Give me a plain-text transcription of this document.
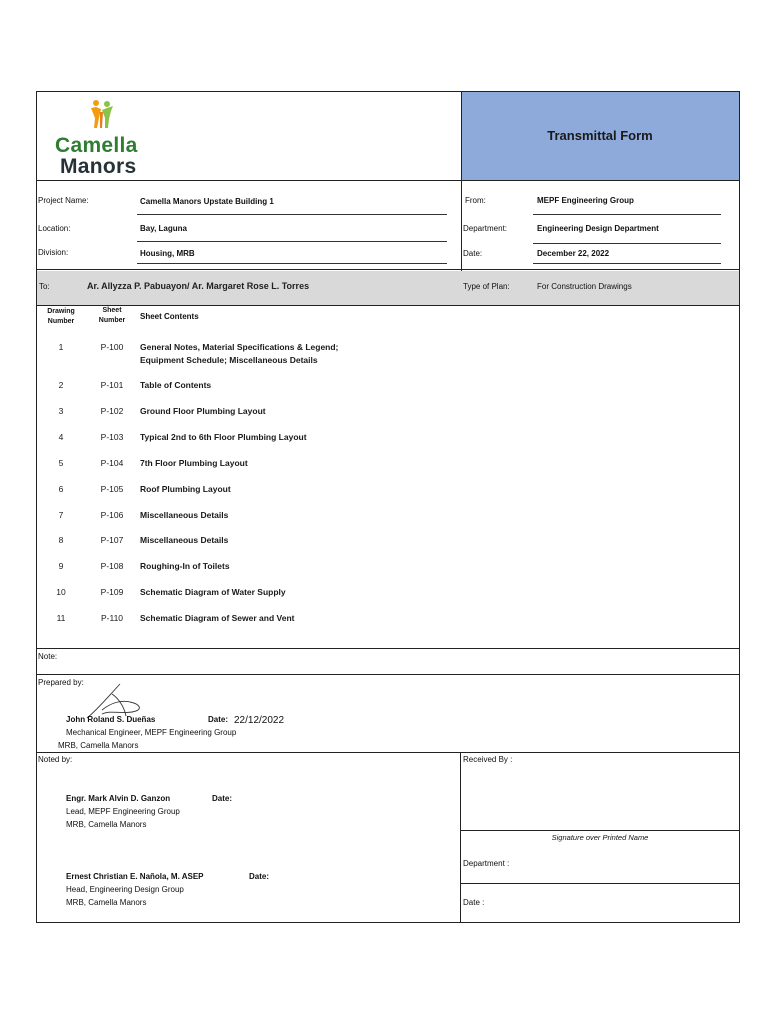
Camella
Manors
Transmittal Form
Project Name:	Camella Manors Upstate Building 1
Location:	Bay, Laguna
Division:	Housing, MRB
From:	MEPF Engineering Group
Department:	Engineering Design Department
Date:	December 22, 2022
To:	Ar. Allyzza P. Pabuayon/ Ar. Margaret Rose L. Torres	Type of Plan:	For Construction Drawings
Drawing
Number
Sheet
Number	Sheet Contents
1	P-100	General Notes, Material Specifications & Legend;
Equipment Schedule; Miscellaneous Details
2	P-101	Table of Contents
3	P-102	Ground Floor Plumbing Layout
4	P-103	Typical 2nd to 6th Floor Plumbing Layout
5	P-104	7th Floor Plumbing Layout
6	P-105	Roof Plumbing Layout
7	P-106	Miscellaneous Details
8	P-107	Miscellaneous Details
9	P-108	Roughing-In of Toilets
10	P-109	Schematic Diagram of Water Supply
11	P-110	Schematic Diagram of Sewer and Vent
Note:
Prepared by:
John Roland S. Dueñas	Date: 22/12/2022
Mechanical Engineer, MEPF Engineering Group
MRB, Camella Manors
Noted by:
Engr. Mark Alvin D. Ganzon	Date:
Lead, MEPF Engineering Group
MRB, Camella Manors
Ernest Christian E. Nañola, M. ASEP	Date:
Head, Engineering Design Group
MRB, Camella Manors
Received By :
Signature over Printed Name
Department :
Date :
